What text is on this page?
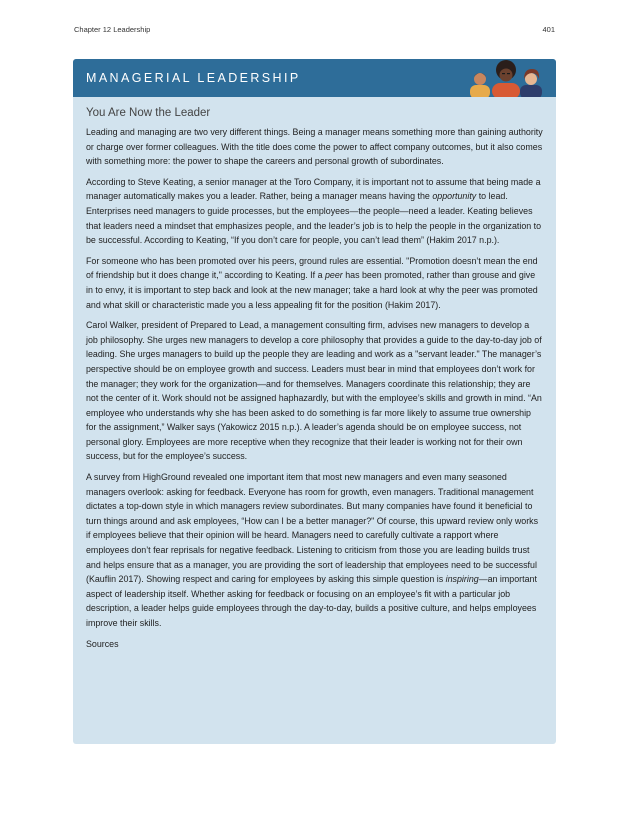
Chapter 12 Leadership	401
MANAGERIAL LEADERSHIP
You Are Now the Leader

Leading and managing are two very different things. Being a manager means something more than gaining authority or charge over former colleagues. With the title does come the power to affect company outcomes, but it also comes with something more: the power to shape the careers and personal growth of subordinates.

According to Steve Keating, a senior manager at the Toro Company, it is important not to assume that being made a manager automatically makes you a leader. Rather, being a manager means having the opportunity to lead. Enterprises need managers to guide processes, but the employees—the people—need a leader. Keating believes that leaders need a mindset that emphasizes people, and the leader’s job is to help the people in the organization to be successful. According to Keating, “If you don’t care for people, you can’t lead them” (Hakim 2017 n.p.).

For someone who has been promoted over his peers, ground rules are essential. "Promotion doesn’t mean the end of friendship but it does change it," according to Keating. If a peer has been promoted, rather than grouse and give in to envy, it is important to step back and look at the new manager; take a hard look at why the peer was promoted and what skill or characteristic made you a less appealing fit for the position (Hakim 2017).

Carol Walker, president of Prepared to Lead, a management consulting firm, advises new managers to develop a job philosophy. She urges new managers to develop a core philosophy that provides a guide to the day-to-day job of leading. She urges managers to build up the people they are leading and work as a "servant leader." The manager’s perspective should be on employee growth and success. Leaders must bear in mind that employees don’t work for the manager; they work for the organization—and for themselves. Managers coordinate this relationship; they are not the center of it. Work should not be assigned haphazardly, but with the employee’s skills and growth in mind. “An employee who understands why she has been asked to do something is far more likely to assume true ownership for the assignment,” Walker says (Yakowicz 2015 n.p.). A leader’s agenda should be on employee success, not personal glory. Employees are more receptive when they recognize that their leader is working not for their own success, but for the employee’s success.

A survey from HighGround revealed one important item that most new managers and even many seasoned managers overlook: asking for feedback. Everyone has room for growth, even managers. Traditional management dictates a top-down style in which managers review subordinates. But many companies have found it beneficial to turn things around and ask employees, “How can I be a better manager?" Of course, this upward review only works if employees believe that their opinion will be heard. Managers need to carefully cultivate a rapport where employees don’t fear reprisals for negative feedback. Listening to criticism from those you are leading builds trust and helps ensure that as a manager, you are providing the sort of leadership that employees need to be successful (Kauflin 2017). Showing respect and caring for employees by asking this simple question is inspiring—an important aspect of leadership itself. Whether asking for feedback or focusing on an employee’s fit with a particular job description, a leader helps guide employees through the day-to-day, builds a positive culture, and helps employees improve their skills.

Sources
